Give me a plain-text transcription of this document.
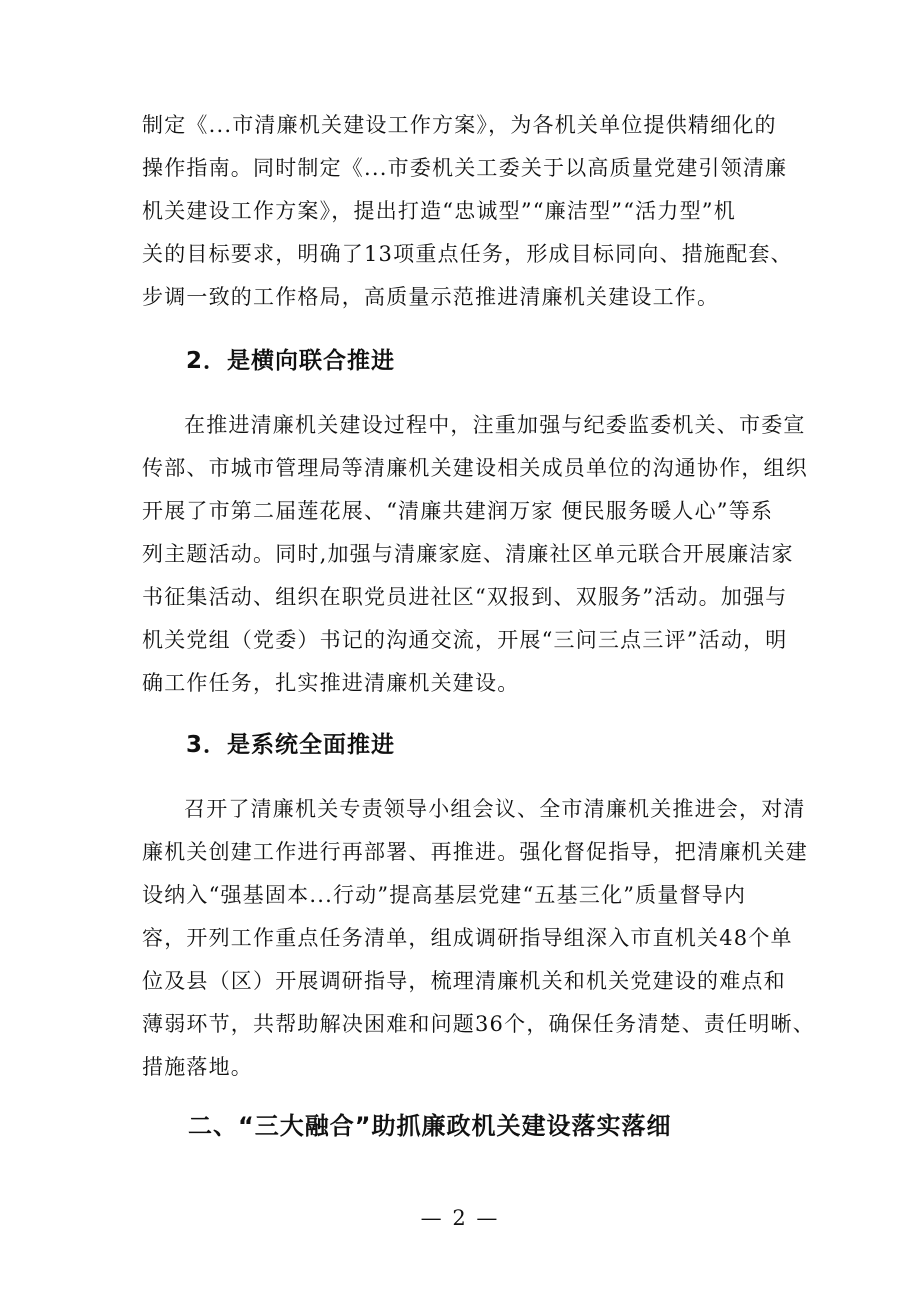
制定《...市清廉机关建设工作方案》，为各机关单位提供精细化的
操作指南。同时制定《...市委机关工委关于以高质量党建引领清廉
机关建设工作方案》，提出打造“忠诚型”“廉洁型”“活力型”机
关的目标要求，明确了13项重点任务，形成目标同向、措施配套、
步调一致的工作格局，高质量示范推进清廉机关建设工作。
2．是横向联合推进
在推进清廉机关建设过程中，注重加强与纪委监委机关、市委宣
传部、市城市管理局等清廉机关建设相关成员单位的沟通协作，组织
开展了市第二届莲花展、“清廉共建润万家 便民服务暖人心”等系
列主题活动。同时,加强与清廉家庭、清廉社区单元联合开展廉洁家
书征集活动、组织在职党员进社区“双报到、双服务”活动。加强与
机关党组（党委）书记的沟通交流，开展“三问三点三评”活动，明
确工作任务，扎实推进清廉机关建设。
3．是系统全面推进
召开了清廉机关专责领导小组会议、全市清廉机关推进会，对清
廉机关创建工作进行再部署、再推进。强化督促指导，把清廉机关建
设纳入“强基固本...行动”提高基层党建“五基三化”质量督导内
容，开列工作重点任务清单，组成调研指导组深入市直机关48个单
位及县（区）开展调研指导，梳理清廉机关和机关党建设的难点和
薄弱环节，共帮助解决困难和问题36个，确保任务清楚、责任明晰、
措施落地。
二、“三大融合”助抓廉政机关建设落实落细
— 2 —
